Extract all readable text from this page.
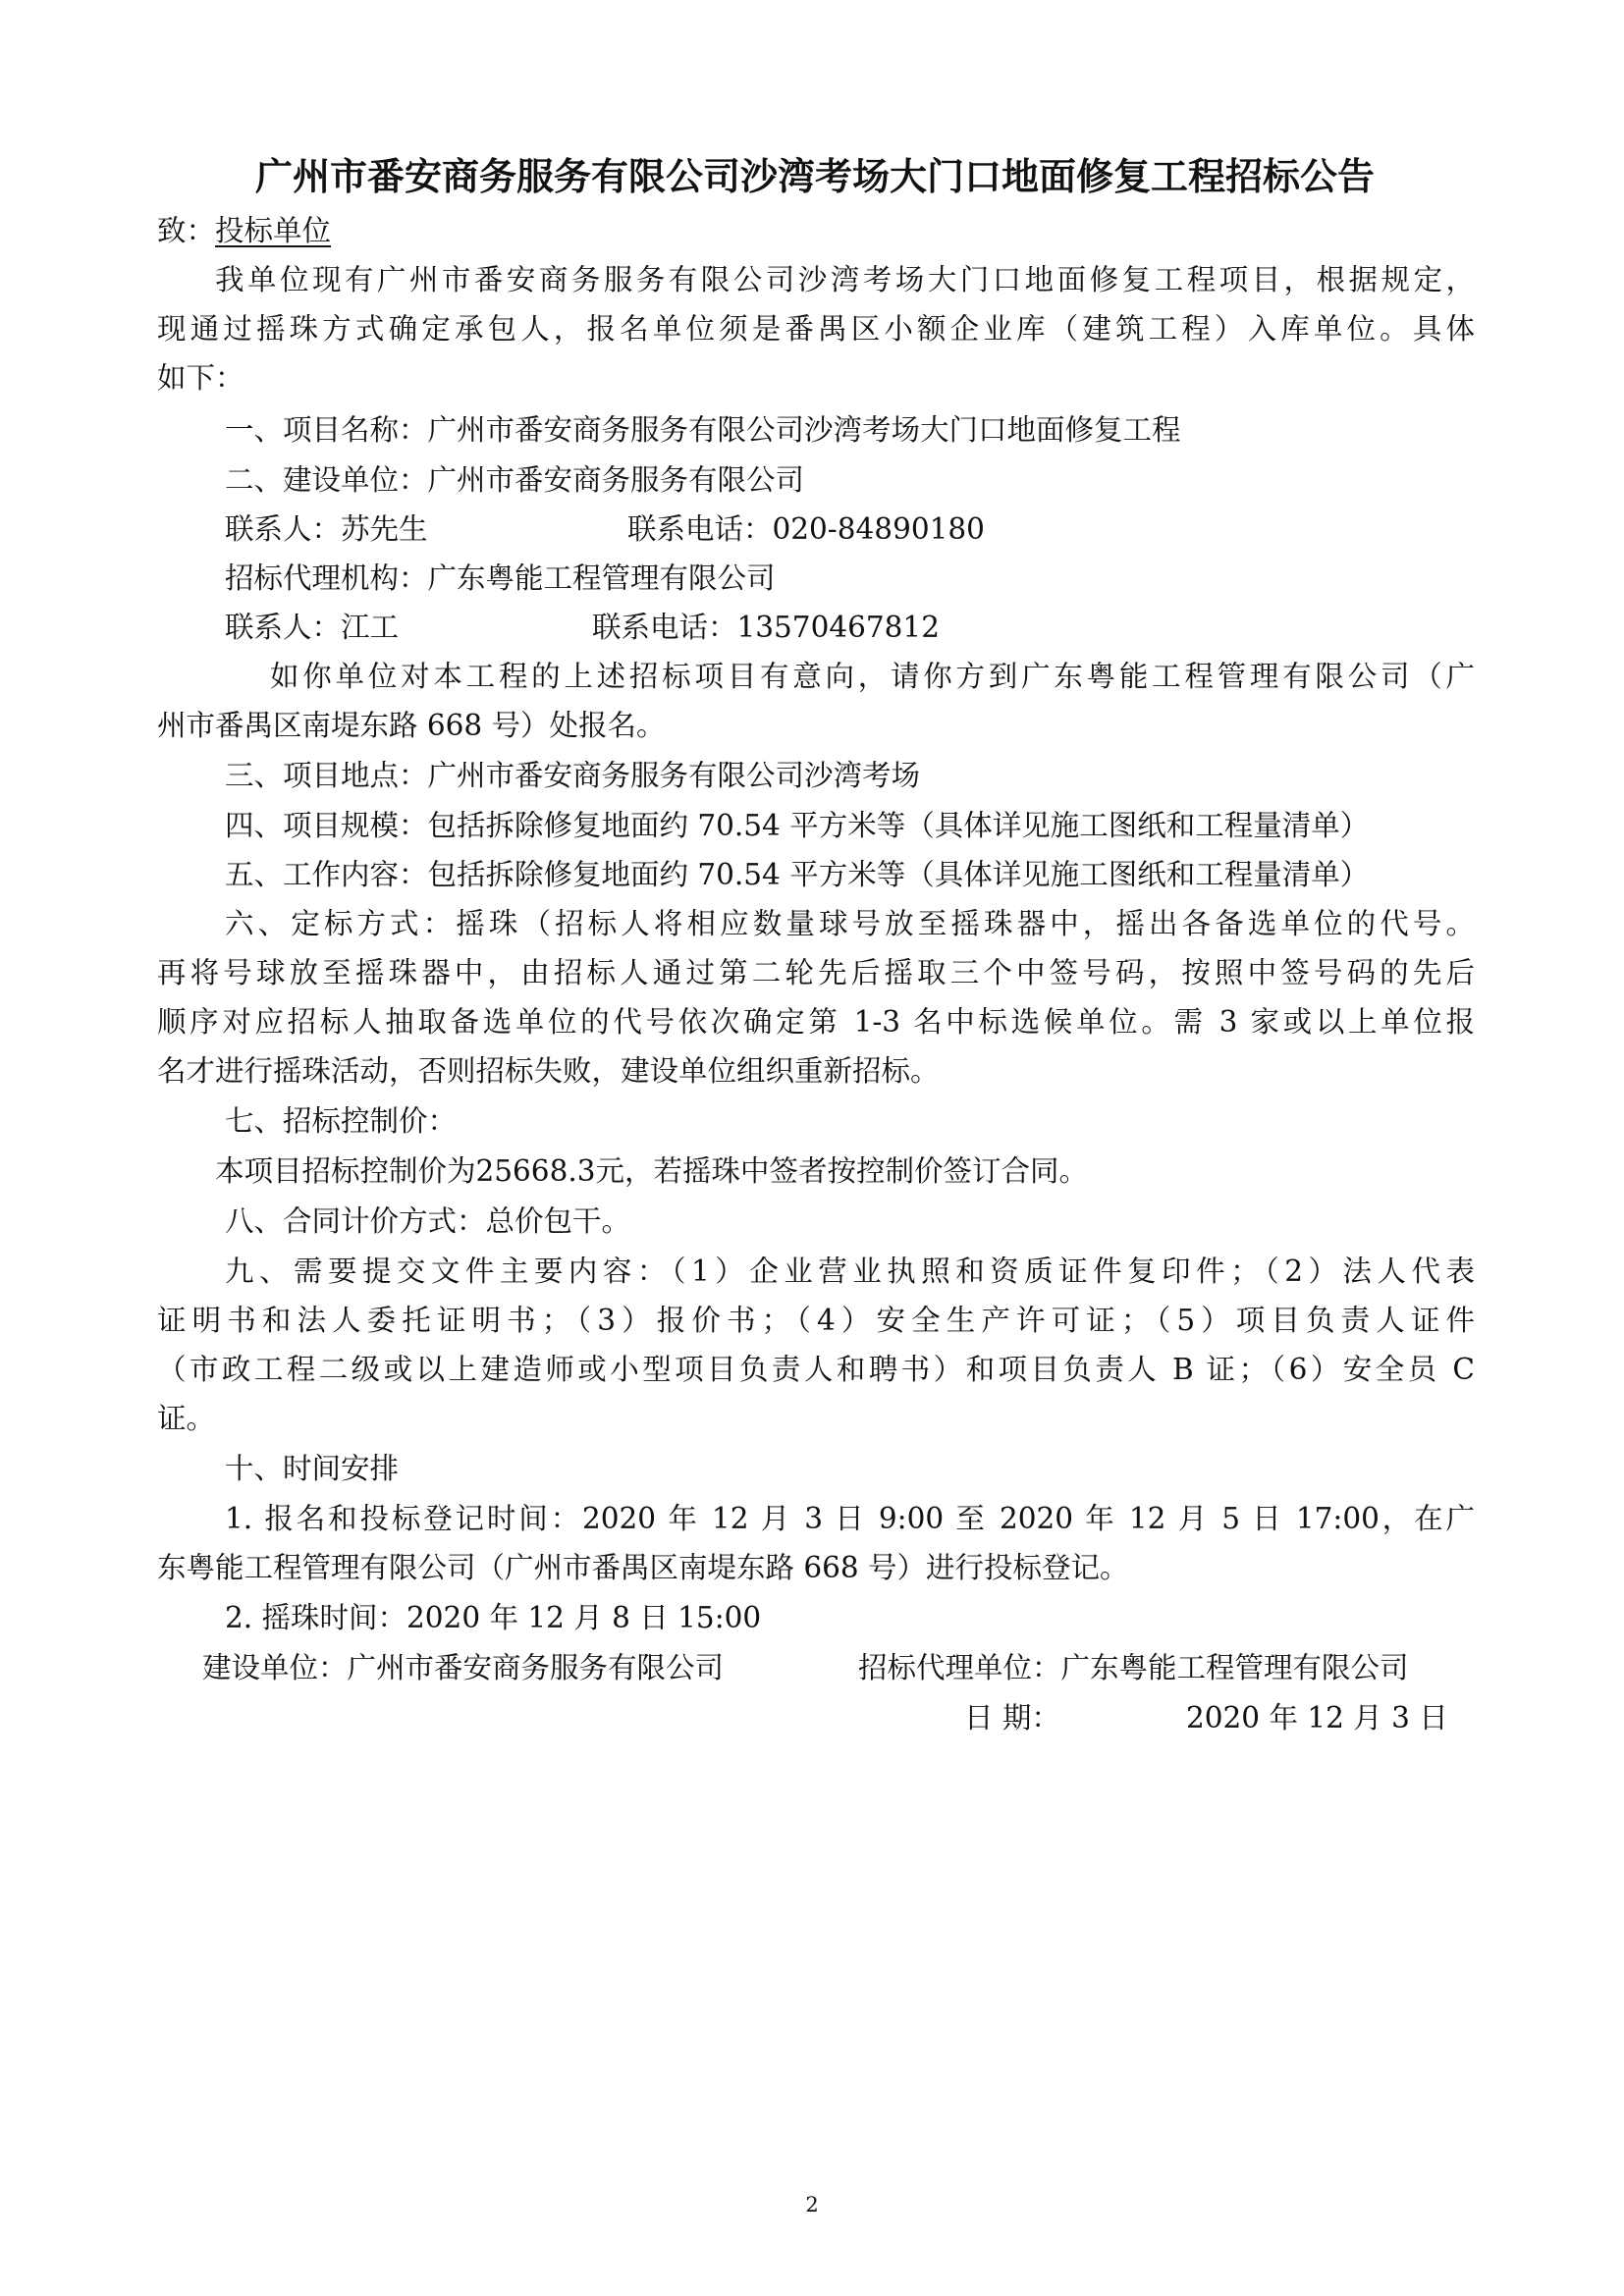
广州市番安商务服务有限公司沙湾考场大门口地面修复工程招标公告
致：投标单位
我单位现有广州市番安商务服务有限公司沙湾考场大门口地面修复工程项目，根据规定，
现通过摇珠方式确定承包人，报名单位须是番禺区小额企业库（建筑工程）入库单位。具体
如下：
一、项目名称：广州市番安商务服务有限公司沙湾考场大门口地面修复工程
二、建设单位：广州市番安商务服务有限公司
联系人：苏先生	联系电话：020-84890180
招标代理机构：广东粤能工程管理有限公司
联系人：江工	联系电话：13570467812
如你单位对本工程的上述招标项目有意向，请你方到广东粤能工程管理有限公司（广
州市番禺区南堤东路 668 号）处报名。
三、项目地点：广州市番安商务服务有限公司沙湾考场
四、项目规模：包括拆除修复地面约 70.54 平方米等（具体详见施工图纸和工程量清单）
五、工作内容：包括拆除修复地面约 70.54 平方米等（具体详见施工图纸和工程量清单）
六、定标方式：摇珠（招标人将相应数量球号放至摇珠器中，摇出各备选单位的代号。
再将号球放至摇珠器中，由招标人通过第二轮先后摇取三个中签号码，按照中签号码的先后
顺序对应招标人抽取备选单位的代号依次确定第 1-3 名中标选候单位。需 3 家或以上单位报
名才进行摇珠活动，否则招标失败，建设单位组织重新招标。
七、招标控制价：
本项目招标控制价为25668.3元，若摇珠中签者按控制价签订合同。
八、合同计价方式：总价包干。
九、需要提交文件主要内容：（1）企业营业执照和资质证件复印件；（2）法人代表
证明书和法人委托证明书；（3）报价书；（4）安全生产许可证；（5）项目负责人证件
（市政工程二级或以上建造师或小型项目负责人和聘书）和项目负责人 B 证；（6）安全员 C
证。
十、时间安排
1. 报名和投标登记时间：2020 年 12 月 3 日 9:00 至 2020 年 12 月 5 日 17:00，在广
东粤能工程管理有限公司（广州市番禺区南堤东路 668 号）进行投标登记。
2. 摇珠时间：2020 年 12 月 8 日 15:00
建设单位：广州市番安商务服务有限公司	招标代理单位：广东粤能工程管理有限公司
日 期：	2020 年 12 月 3 日
2
